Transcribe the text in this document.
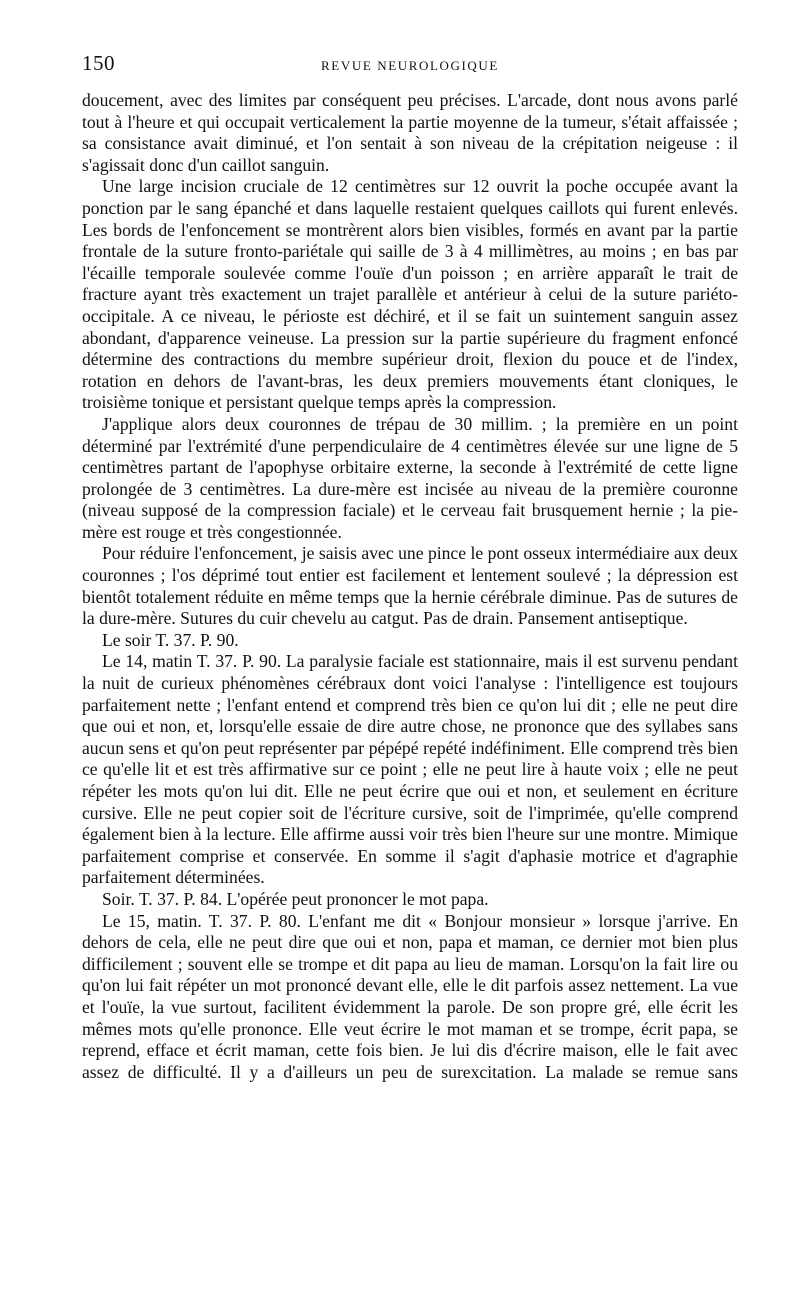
150	REVUE NEUROLOGIQUE

doucement, avec des limites par conséquent peu précises. L'arcade, dont nous avons parlé tout à l'heure et qui occupait verticalement la partie moyenne de la tumeur, s'était affaissée ; sa consistance avait diminué, et l'on sentait à son niveau de la crépitation neigeuse : il s'agissait donc d'un caillot sanguin.

Une large incision cruciale de 12 centimètres sur 12 ouvrit la poche occupée avant la ponction par le sang épanché et dans laquelle restaient quelques caillots qui furent enlevés. Les bords de l'enfoncement se montrèrent alors bien visibles, formés en avant par la partie frontale de la suture fronto-pariétale qui saille de 3 à 4 millimètres, au moins ; en bas par l'écaille temporale soulevée comme l'ouïe d'un poisson ; en arrière apparaît le trait de fracture ayant très exactement un trajet parallèle et antérieur à celui de la suture pariéto-occipitale. A ce niveau, le périoste est déchiré, et il se fait un suintement sanguin assez abondant, d'apparence veineuse. La pression sur la partie supérieure du fragment enfoncé détermine des contractions du membre supérieur droit, flexion du pouce et de l'index, rotation en dehors de l'avant-bras, les deux premiers mouvements étant cloniques, le troisième tonique et persistant quelque temps après la compression.

J'applique alors deux couronnes de trépau de 30 millim. ; la première en un point déterminé par l'extrémité d'une perpendiculaire de 4 centimètres élevée sur une ligne de 5 centimètres partant de l'apophyse orbitaire externe, la seconde à l'extrémité de cette ligne prolongée de 3 centimètres. La dure-mère est incisée au niveau de la première couronne (niveau supposé de la compression faciale) et le cerveau fait brusquement hernie ; la pie-mère est rouge et très congestionnée.

Pour réduire l'enfoncement, je saisis avec une pince le pont osseux intermédiaire aux deux couronnes ; l'os déprimé tout entier est facilement et lentement soulevé ; la dépression est bientôt totalement réduite en même temps que la hernie cérébrale diminue. Pas de sutures de la dure-mère. Sutures du cuir chevelu au catgut. Pas de drain. Pansement antiseptique.

Le soir T. 37. P. 90.

Le 14, matin T. 37. P. 90. La paralysie faciale est stationnaire, mais il est survenu pendant la nuit de curieux phénomènes cérébraux dont voici l'analyse : l'intelligence est toujours parfaitement nette ; l'enfant entend et comprend très bien ce qu'on lui dit ; elle ne peut dire que oui et non, et, lorsqu'elle essaie de dire autre chose, ne prononce que des syllabes sans aucun sens et qu'on peut représenter par pépépé repété indéfiniment. Elle comprend très bien ce qu'elle lit et est très affirmative sur ce point ; elle ne peut lire à haute voix ; elle ne peut répéter les mots qu'on lui dit. Elle ne peut écrire que oui et non, et seulement en écriture cursive. Elle ne peut copier soit de l'écriture cursive, soit de l'imprimée, qu'elle comprend également bien à la lecture. Elle affirme aussi voir très bien l'heure sur une montre. Mimique parfaitement comprise et conservée. En somme il s'agit d'aphasie motrice et d'agraphie parfaitement déterminées.

Soir. T. 37. P. 84. L'opérée peut prononcer le mot papa.

Le 15, matin. T. 37. P. 80. L'enfant me dit « Bonjour monsieur » lorsque j'arrive. En dehors de cela, elle ne peut dire que oui et non, papa et maman, ce dernier mot bien plus difficilement ; souvent elle se trompe et dit papa au lieu de maman. Lorsqu'on la fait lire ou qu'on lui fait répéter un mot prononcé devant elle, elle le dit parfois assez nettement. La vue et l'ouïe, la vue surtout, facilitent évidemment la parole. De son propre gré, elle écrit les mêmes mots qu'elle prononce. Elle veut écrire le mot maman et se trompe, écrit papa, se reprend, efface et écrit maman, cette fois bien. Je lui dis d'écrire maison, elle le fait avec assez de difficulté. Il y a d'ailleurs un peu de surexcitation. La malade se remue sans
